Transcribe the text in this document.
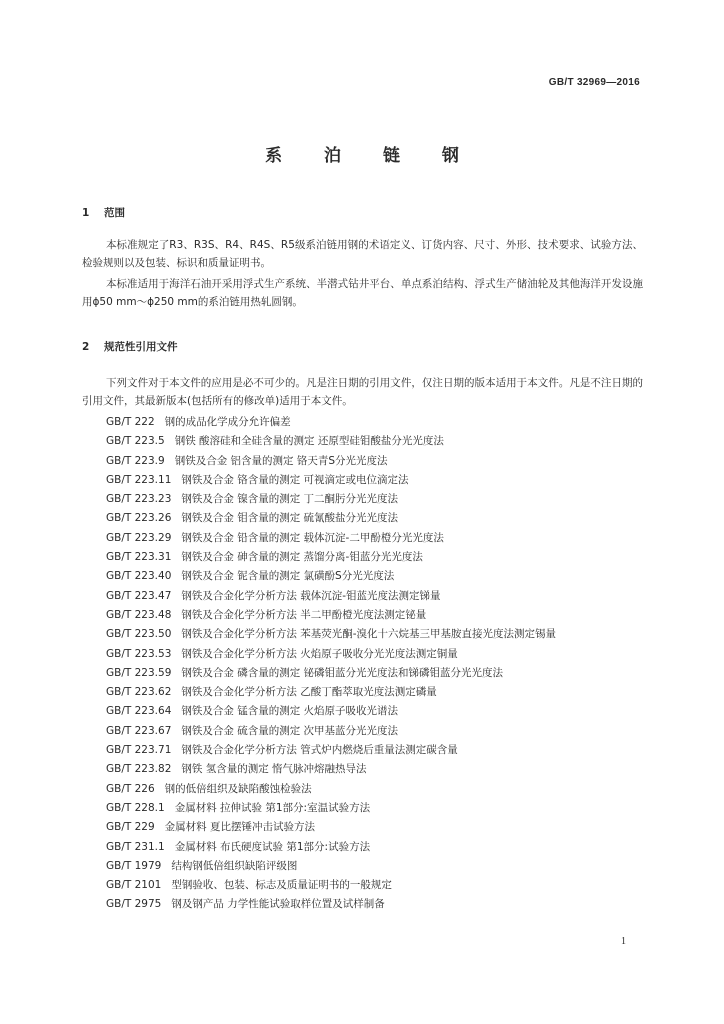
GB/T 32969—2016
系 泊 链 钢
1 范围

本标准规定了R3、R3S、R4、R4S、R5级系泊链用钢的术语定义、订货内容、尺寸、外形、技术要求、试验方法、检验规则以及包装、标识和质量证明书。

本标准适用于海洋石油开采用浮式生产系统、半潜式钻井平台、单点系泊结构、浮式生产储油轮及其他海洋开发设施用ϕ50 mm～ϕ250 mm的系泊链用热轧圆钢。

2 规范性引用文件

下列文件对于本文件的应用是必不可少的。凡是注日期的引用文件，仅注日期的版本适用于本文件。凡是不注日期的引用文件，其最新版本(包括所有的修改单)适用于本文件。

GB/T 222 钢的成品化学成分允许偏差
GB/T 223.5 钢铁 酸溶硅和全硅含量的测定 还原型硅钼酸盐分光光度法
GB/T 223.9 钢铁及合金 铝含量的测定 铬天青S分光光度法
GB/T 223.11 钢铁及合金 铬含量的测定 可视滴定或电位滴定法
GB/T 223.23 钢铁及合金 镍含量的测定 丁二酮肟分光光度法
GB/T 223.26 钢铁及合金 钼含量的测定 硫氰酸盐分光光度法
GB/T 223.29 钢铁及合金 铅含量的测定 载体沉淀-二甲酚橙分光光度法
GB/T 223.31 钢铁及合金 砷含量的测定 蒸馏分离-钼蓝分光光度法
GB/T 223.40 钢铁及合金 铌含量的测定 氯磺酚S分光光度法
GB/T 223.47 钢铁及合金化学分析方法 载体沉淀-钼蓝光度法测定锑量
GB/T 223.48 钢铁及合金化学分析方法 半二甲酚橙光度法测定铋量
GB/T 223.50 钢铁及合金化学分析方法 苯基荧光酮-溴化十六烷基三甲基胺直接光度法测定锡量
GB/T 223.53 钢铁及合金化学分析方法 火焰原子吸收分光光度法测定铜量
GB/T 223.59 钢铁及合金 磷含量的测定 铋磷钼蓝分光光度法和锑磷钼蓝分光光度法
GB/T 223.62 钢铁及合金化学分析方法 乙酸丁酯萃取光度法测定磷量
GB/T 223.64 钢铁及合金 锰含量的测定 火焰原子吸收光谱法
GB/T 223.67 钢铁及合金 硫含量的测定 次甲基蓝分光光度法
GB/T 223.71 钢铁及合金化学分析方法 管式炉内燃烧后重量法测定碳含量
GB/T 223.82 钢铁 氢含量的测定 惰气脉冲熔融热导法
GB/T 226 钢的低倍组织及缺陷酸蚀检验法
GB/T 228.1 金属材料 拉伸试验 第1部分:室温试验方法
GB/T 229 金属材料 夏比摆锤冲击试验方法
GB/T 231.1 金属材料 布氏硬度试验 第1部分:试验方法
GB/T 1979 结构钢低倍组织缺陷评级图
GB/T 2101 型钢验收、包装、标志及质量证明书的一般规定
GB/T 2975 钢及钢产品 力学性能试验取样位置及试样制备
1
